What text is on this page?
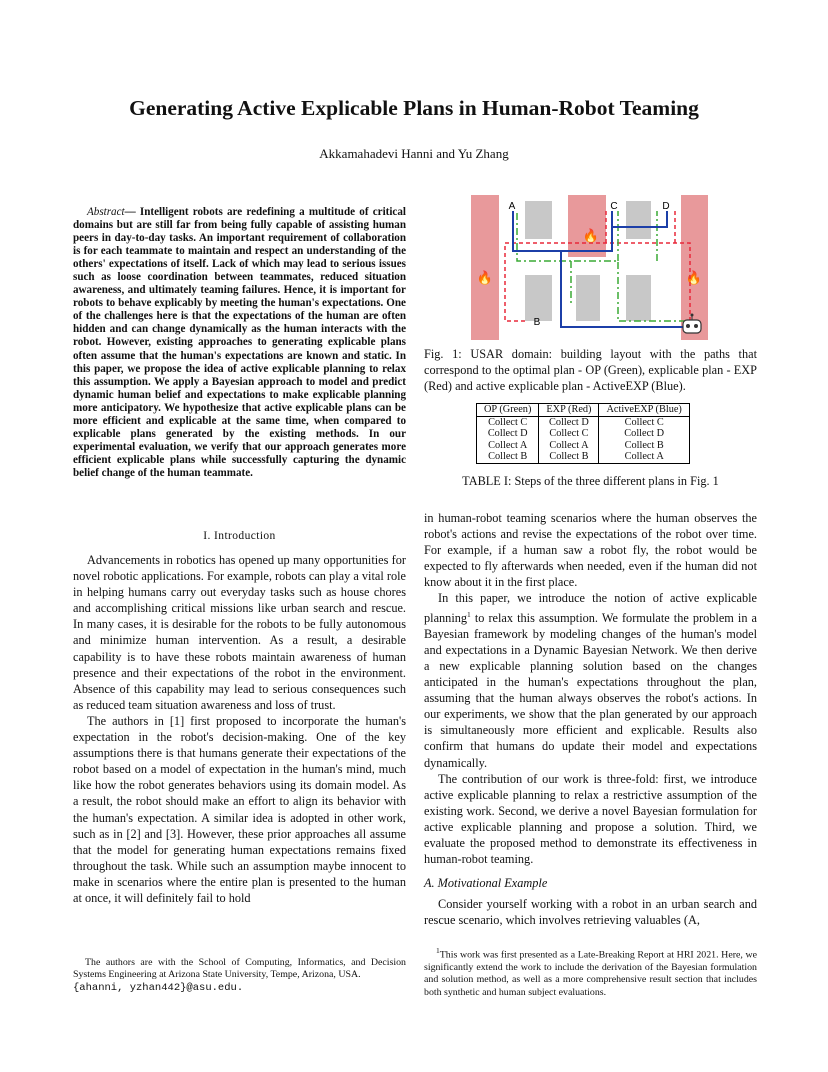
Generating Active Explicable Plans in Human-Robot Teaming
Akkamahadevi Hanni and Yu Zhang
Abstract— Intelligent robots are redefining a multitude of critical domains but are still far from being fully capable of assisting human peers in day-to-day tasks. An important requirement of collaboration is for each teammate to maintain and respect an understanding of the others' expectations of itself. Lack of which may lead to serious issues such as loose coordination between teammates, reduced situation awareness, and ultimately teaming failures. Hence, it is important for robots to behave explicably by meeting the human's expectations. One of the challenges here is that the expectations of the human are often hidden and can change dynamically as the human interacts with the robot. However, existing approaches to generating explicable plans often assume that the human's expectations are known and static. In this paper, we propose the idea of active explicable planning to relax this assumption. We apply a Bayesian approach to model and predict dynamic human belief and expectations to make explicable planning more anticipatory. We hypothesize that active explicable plans can be more efficient and explicable at the same time, when compared to explicable plans generated by the existing methods. In our experimental evaluation, we verify that our approach generates more efficient explicable plans while successfully capturing the dynamic belief change of the human teammate.
I. Introduction

Advancements in robotics has opened up many opportunities for novel robotic applications. For example, robots can play a vital role in helping humans carry out everyday tasks such as house chores and accomplishing critical missions like urban search and rescue. In many cases, it is desirable for the robots to be fully autonomous and minimize human intervention. As a result, a desirable capability is to have these robots maintain awareness of human presence and their expectations of the robot in the environment. Absence of this capability may lead to serious consequences such as reduced team situation awareness and loss of trust.

The authors in [1] first proposed to incorporate the human's expectation in the robot's decision-making. One of the key assumptions there is that humans generate their expectations of the robot based on a model of expectation in the human's mind, much like how the robot generates behaviors using its domain model. As a result, the robot should make an effort to align its behavior with the human's expectation. A similar idea is adopted in other work, such as in [2] and [3]. However, these prior approaches all assume that the model for generating human expectations remains fixed throughout the task. While such an assumption maybe innocent to make in scenarios where the entire plan is presented to the human at once, it will definitely fail to hold

The authors are with the School of Computing, Informatics, and Decision Systems Engineering at Arizona State University, Tempe, Arizona, USA.
{ahanni, yzhan442}@asu.edu.
🔥
🔥
🔥
A
B
C	D
Fig. 1: USAR domain: building layout with the paths that correspond to the optimal plan - OP (Green), explicable plan - EXP (Red) and active explicable plan - ActiveEXP (Blue).
OP (Green)	EXP (Red)	ActiveEXP (Blue)
Collect C	Collect D	Collect C
Collect D	Collect C	Collect D
Collect A	Collect A	Collect B
Collect B	Collect B	Collect A
TABLE I: Steps of the three different plans in Fig. 1

in human-robot teaming scenarios where the human observes the robot's actions and revise the expectations of the robot over time. For example, if a human saw a robot fly, the robot would be expected to fly afterwards when needed, even if the human did not know about it in the first place.

In this paper, we introduce the notion of active explicable planning$^1$ to relax this assumption. We formulate the problem in a Bayesian framework by modeling changes of the human's model and expectations in a Dynamic Bayesian Network. We then derive a new explicable planning solution based on the changes anticipated in the human's expectations throughout the plan, assuming that the human always observes the robot's actions. In our experiments, we show that the plan generated by our approach is simultaneously more efficient and explicable. Results also confirm that humans do update their model and expectations dynamically.

The contribution of our work is three-fold: first, we introduce active explicable planning to relax a restrictive assumption of the existing work. Second, we derive a novel Bayesian formulation for active explicable planning and propose a solution. Third, we evaluate the proposed method to demonstrate its effectiveness in human-robot teaming.

A. Motivational Example

Consider yourself working with a robot in an urban search and rescue scenario, which involves retrieving valuables (A,

$^1$This work was first presented as a Late-Breaking Report at HRI 2021. Here, we significantly extend the work to include the derivation of the Bayesian formulation and solution method, as well as a more comprehensive result section that includes both synthetic and human subject evaluations.
